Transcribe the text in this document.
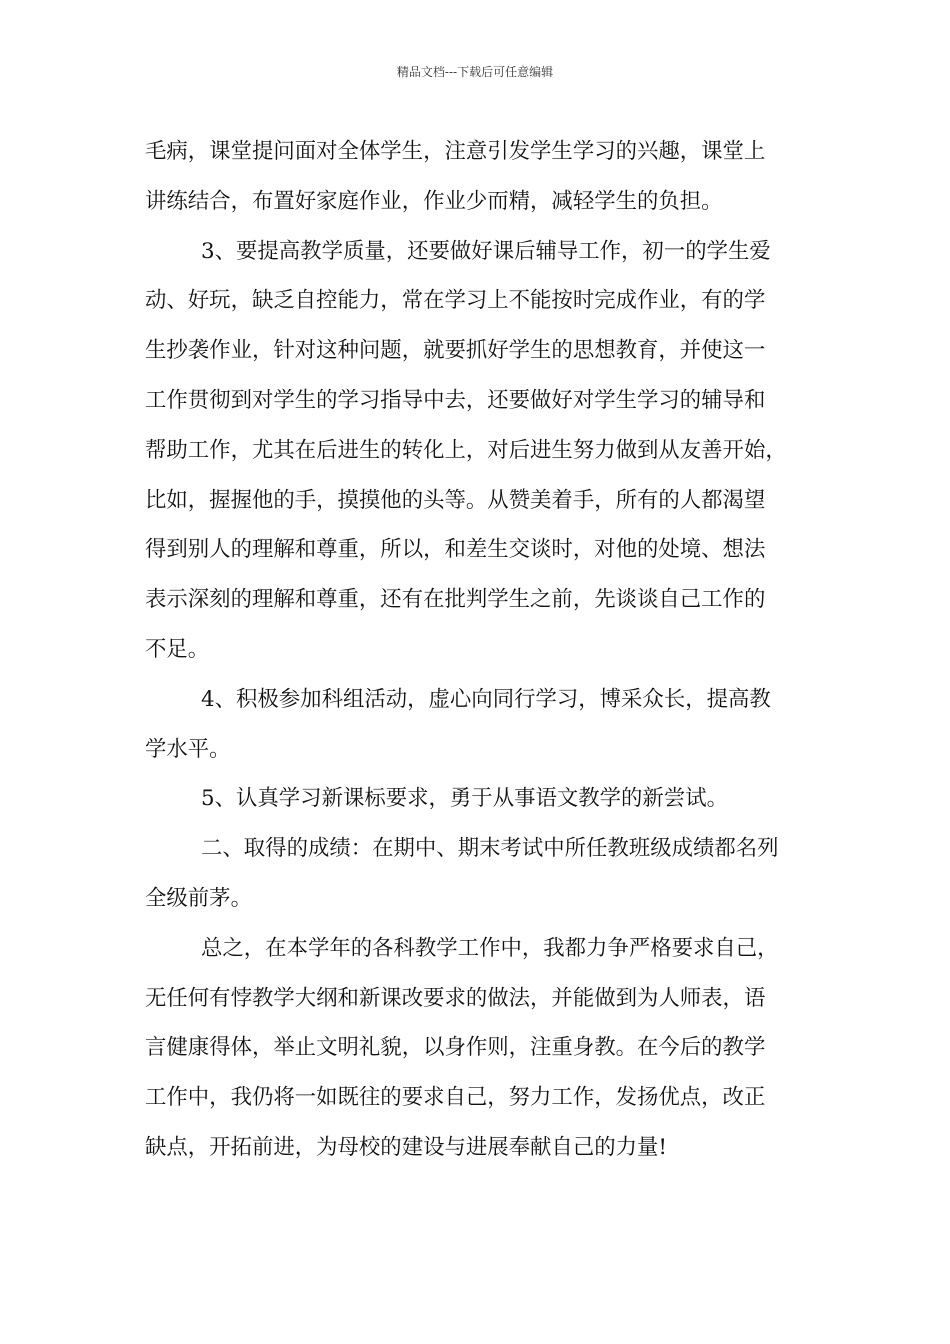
精品文档---下载后可任意编辑
毛病，课堂提问面对全体学生，注意引发学生学习的兴趣，课堂上
讲练结合，布置好家庭作业，作业少而精，减轻学生的负担。
3、要提高教学质量，还要做好课后辅导工作，初一的学生爱
动、好玩，缺乏自控能力，常在学习上不能按时完成作业，有的学
生抄袭作业，针对这种问题，就要抓好学生的思想教育，并使这一
工作贯彻到对学生的学习指导中去，还要做好对学生学习的辅导和
帮助工作，尤其在后进生的转化上，对后进生努力做到从友善开始，
比如，握握他的手，摸摸他的头等。从赞美着手，所有的人都渴望
得到别人的理解和尊重，所以，和差生交谈时，对他的处境、想法
表示深刻的理解和尊重，还有在批判学生之前，先谈谈自己工作的
不足。
4、积极参加科组活动，虚心向同行学习，博采众长，提高教
学水平。
5、认真学习新课标要求，勇于从事语文教学的新尝试。
二、取得的成绩：在期中、期末考试中所任教班级成绩都名列
全级前茅。
总之，在本学年的各科教学工作中，我都力争严格要求自己，
无任何有悖教学大纲和新课改要求的做法，并能做到为人师表，语
言健康得体，举止文明礼貌，以身作则，注重身教。在今后的教学
工作中，我仍将一如既往的要求自己，努力工作，发扬优点，改正
缺点，开拓前进，为母校的建设与进展奉献自己的力量!
